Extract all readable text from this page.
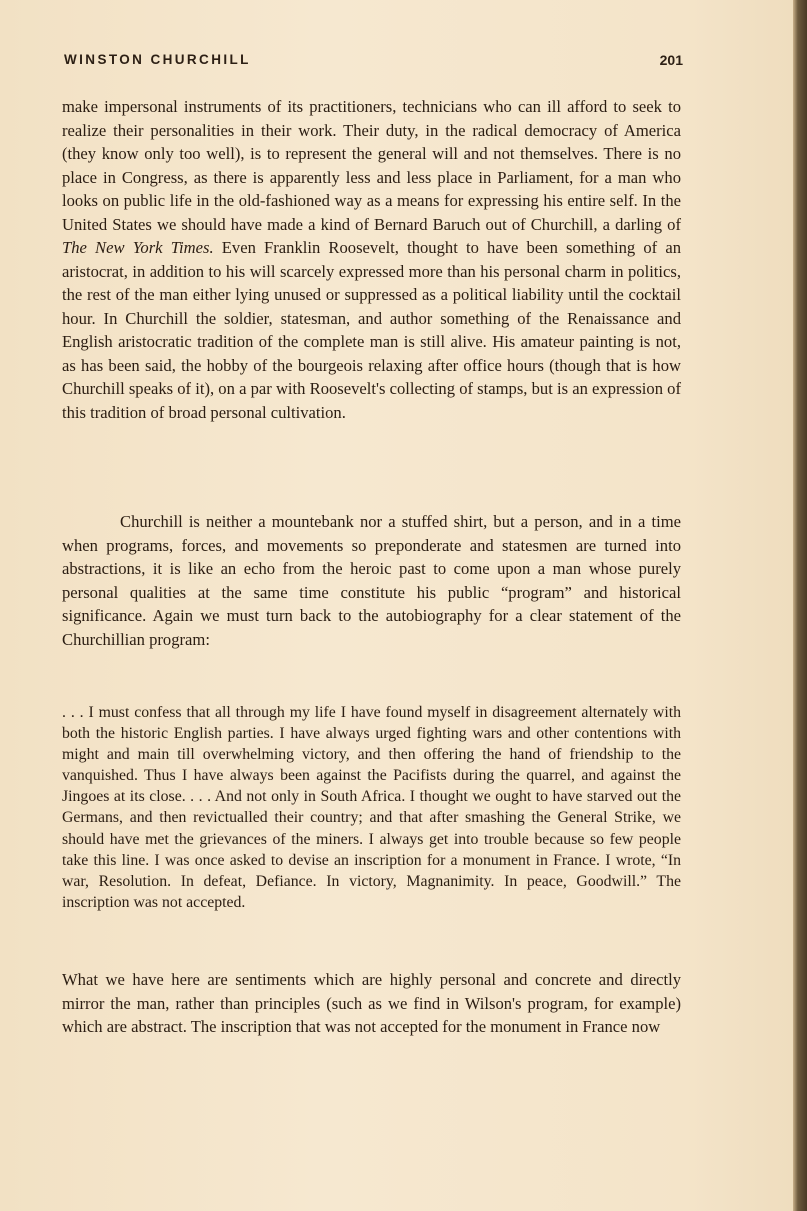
WINSTON CHURCHILL	201

make impersonal instruments of its practitioners, technicians who can ill afford to seek to realize their personalities in their work. Their duty, in the radical democracy of America (they know only too well), is to represent the general will and not themselves. There is no place in Congress, as there is apparently less and less place in Parliament, for a man who looks on public life in the old-fashioned way as a means for expressing his entire self. In the United States we should have made a kind of Bernard Baruch out of Churchill, a darling of The New York Times. Even Franklin Roosevelt, thought to have been something of an aristocrat, in addition to his will scarcely expressed more than his personal charm in politics, the rest of the man either lying unused or suppressed as a political liability until the cocktail hour. In Churchill the soldier, statesman, and author something of the Renaissance and English aristocratic tradition of the complete man is still alive. His amateur painting is not, as has been said, the hobby of the bourgeois relaxing after office hours (though that is how Churchill speaks of it), on a par with Roosevelt's collecting of stamps, but is an expression of this tradition of broad personal cultivation.

Churchill is neither a mountebank nor a stuffed shirt, but a person, and in a time when programs, forces, and movements so preponderate and statesmen are turned into abstractions, it is like an echo from the heroic past to come upon a man whose purely personal qualities at the same time constitute his public “program” and historical significance. Again we must turn back to the autobiography for a clear statement of the Churchillian program:

. . . I must confess that all through my life I have found myself in disagreement alternately with both the historic English parties. I have always urged fighting wars and other contentions with might and main till overwhelming victory, and then offering the hand of friendship to the vanquished. Thus I have always been against the Pacifists during the quarrel, and against the Jingoes at its close. . . . And not only in South Africa. I thought we ought to have starved out the Germans, and then revictualled their country; and that after smashing the General Strike, we should have met the grievances of the miners. I always get into trouble because so few people take this line. I was once asked to devise an inscription for a monument in France. I wrote, “In war, Resolution. In defeat, Defiance. In victory, Magnanimity. In peace, Goodwill.” The inscription was not accepted.

What we have here are sentiments which are highly personal and concrete and directly mirror the man, rather than principles (such as we find in Wilson's program, for example) which are abstract. The inscription that was not accepted for the monument in France now
